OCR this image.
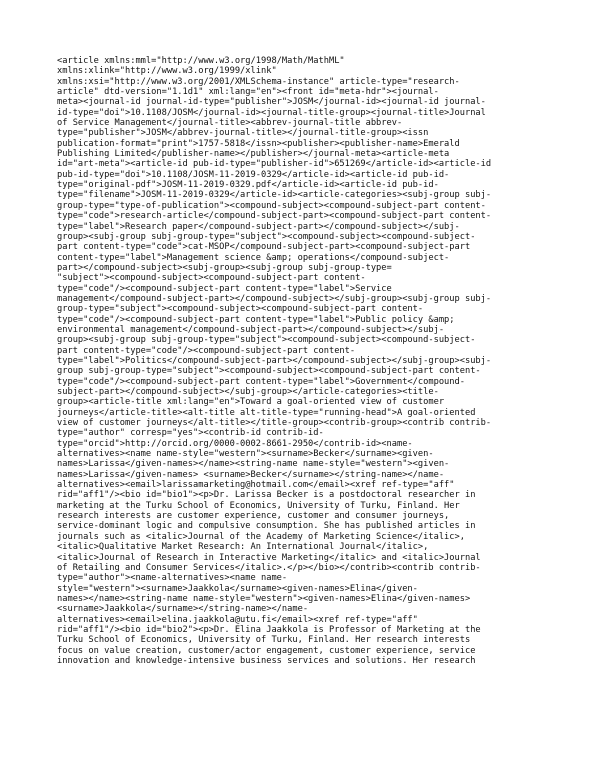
<article xmlns:mml="http://www.w3.org/1998/Math/MathML"
xmlns:xlink="http://www.w3.org/1999/xlink"
xmlns:xsi="http://www.w3.org/2001/XMLSchema-instance" article-type="research-
article" dtd-version="1.1d1" xml:lang="en"><front id="meta-hdr"><journal-
meta><journal-id journal-id-type="publisher">JOSM</journal-id><journal-id journal-
id-type="doi">10.1108/JOSM</journal-id><journal-title-group><journal-title>Journal
of Service Management</journal-title><abbrev-journal-title abbrev-
type="publisher">JOSM</abbrev-journal-title></journal-title-group><issn
publication-format="print">1757-5818</issn><publisher><publisher-name>Emerald
Publishing Limited</publisher-name></publisher></journal-meta><article-meta
id="art-meta"><article-id pub-id-type="publisher-id">651269</article-id><article-id
pub-id-type="doi">10.1108/JOSM-11-2019-0329</article-id><article-id pub-id-
type="original-pdf">JOSM-11-2019-0329.pdf</article-id><article-id pub-id-
type="filename">JOSM-11-2019-0329</article-id><article-categories><subj-group subj-
group-type="type-of-publication"><compound-subject><compound-subject-part content-
type="code">research-article</compound-subject-part><compound-subject-part content-
type="label">Research paper</compound-subject-part></compound-subject></subj-
group><subj-group subj-group-type="subject"><compound-subject><compound-subject-
part content-type="code">cat-MSOP</compound-subject-part><compound-subject-part
content-type="label">Management science &amp; operations</compound-subject-
part></compound-subject><subj-group><subj-group subj-group-type=
"subject"><compound-subject><compound-subject-part content-
type="code"/><compound-subject-part content-type="label">Service
management</compound-subject-part></compound-subject></subj-group><subj-group subj-
group-type="subject"><compound-subject><compound-subject-part content-
type="code"/><compound-subject-part content-type="label">Public policy &amp;
environmental management</compound-subject-part></compound-subject></subj-
group><subj-group subj-group-type="subject"><compound-subject><compound-subject-
part content-type="code"/><compound-subject-part content-
type="label">Politics</compound-subject-part></compound-subject></subj-group><subj-
group subj-group-type="subject"><compound-subject><compound-subject-part content-
type="code"/><compound-subject-part content-type="label">Government</compound-
subject-part></compound-subject></subj-group></article-categories><title-
group><article-title xml:lang="en">Toward a goal-oriented view of customer
journeys</article-title><alt-title alt-title-type="running-head">A goal-oriented
view of customer journeys</alt-title></title-group><contrib-group><contrib contrib-
type="author" corresp="yes"><contrib-id contrib-id-
type="orcid">http://orcid.org/0000-0002-8661-2950</contrib-id><name-
alternatives><name name-style="western"><surname>Becker</surname><given-
names>Larissa</given-names></name><string-name name-style="western"><given-
names>Larissa</given-names> <surname>Becker</surname></string-name></name-
alternatives><email>larissamarketing@hotmail.com</email><xref ref-type="aff"
rid="aff1"/><bio id="bio1"><p>Dr. Larissa Becker is a postdoctoral researcher in
marketing at the Turku School of Economics, University of Turku, Finland. Her
research interests are customer experience, customer and consumer journeys,
service-dominant logic and compulsive consumption. She has published articles in
journals such as <italic>Journal of the Academy of Marketing Science</italic>,
<italic>Qualitative Market Research: An International Journal</italic>,
<italic>Journal of Research in Interactive Marketing</italic> and <italic>Journal
of Retailing and Consumer Services</italic>.</p></bio></contrib><contrib contrib-
type="author"><name-alternatives><name name-
style="western"><surname>Jaakkola</surname><given-names>Elina</given-
names></name><string-name name-style="western"><given-names>Elina</given-names>
<surname>Jaakkola</surname></string-name></name-
alternatives><email>elina.jaakkola@utu.fi</email><xref ref-type="aff"
rid="aff1"/><bio id="bio2"><p>Dr. Elina Jaakkola is Professor of Marketing at the
Turku School of Economics, University of Turku, Finland. Her research interests
focus on value creation, customer/actor engagement, customer experience, service
innovation and knowledge-intensive business services and solutions. Her research
